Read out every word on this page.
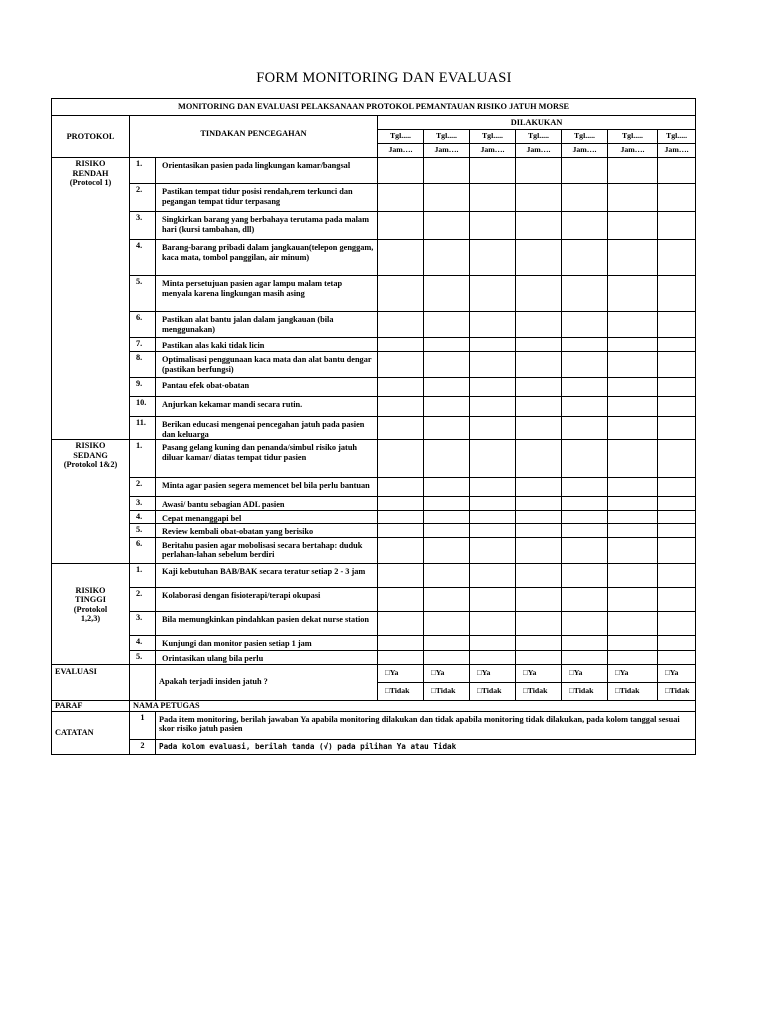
FORM MONITORING DAN EVALUASI
MONITORING DAN EVALUASI PELAKSANAAN PROTOKOL PEMANTAUAN RISIKO JATUH MORSE									
PROTOKOL	TINDAKAN PENCEGAHAN		DILAKUKAN						
			Tgl.....	Tgl.....	Tgl.....	Tgl.....	Tgl.....	Tgl.....	Tgl.....
			Jam….	Jam….	Jam….	Jam….	Jam….	Jam….	Jam….
RISIKO
RENDAH
(Protocol 1)	1.	Orientasikan pasien pada lingkungan kamar/bangsal							
	2.	Pastikan tempat tidur posisi rendah,rem terkunci dan pegangan tempat tidur terpasang							
	3.	Singkirkan barang yang berbahaya terutama pada malam hari (kursi tambahan, dll)							
	4.	Barang-barang pribadi dalam jangkauan(telepon genggam, kaca mata, tombol panggilan, air minum)							
	5.	Minta persetujuan pasien agar lampu malam tetap menyala karena lingkungan masih asing							
	6.	Pastikan alat bantu jalan dalam jangkauan (bila menggunakan)							
	7.	Pastikan alas kaki tidak licin							
	8.	Optimalisasi penggunaan kaca mata dan alat bantu dengar (pastikan berfungsi)							
	9.	Pantau efek obat-obatan							
	10.	Anjurkan kekamar mandi secara rutin.							
	11.	Berikan educasi mengenai pencegahan jatuh pada pasien dan keluarga							
RISIKO
SEDANG
(Protokol 1&2)	1.	Pasang gelang kuning dan penanda/simbul risiko jatuh diluar kamar/ diatas tempat tidur pasien							
	2.	Minta agar pasien segera memencet bel bila perlu bantuan							
	3.	Awasi/ bantu sebagian ADL pasien							
	4.	Cepat menanggapi bel							
	5.	Review kembali obat-obatan yang berisiko							
	6.	Beritahu pasien agar mobolisasi secara bertahap: duduk perlahan-lahan sebelum berdiri							
RISIKO
TINGGI
(Protokol
1,2,3)	1.	Kaji kebutuhan BAB/BAK secara teratur setiap 2 - 3 jam							
	2.	Kolaborasi dengan fisioterapi/terapi okupasi							
	3.	Bila memungkinkan pindahkan pasien dekat nurse station							
	4.	Kunjungi dan monitor pasien setiap 1 jam							
	5.	Orintasikan ulang bila perlu							
EVALUASI		Apakah terjadi insiden jatuh ?	□Ya	□Ya	□Ya	□Ya	□Ya	□Ya	□Ya
			□Tidak	□Tidak	□Tidak	□Tidak	□Tidak	□Tidak	□Tidak
PARAF	NAMA PETUGAS								
CATATAN	1	Pada item monitoring, berilah jawaban Ya apabila monitoring dilakukan dan tidak apabila monitoring tidak dilakukan, pada kolom tanggal sesuai skor risiko jatuh pasien							
	2	Pada kolom evaluasi, berilah tanda (√) pada pilihan Ya atau Tidak							
